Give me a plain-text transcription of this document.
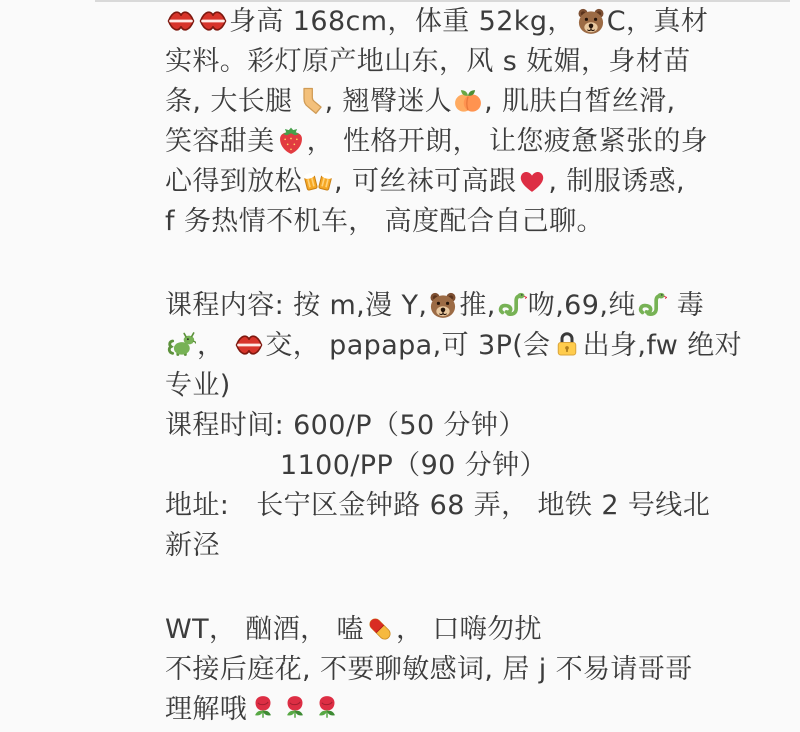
身高 168cm，体重 52kg， C，真材
实料。彩灯原产地山东，风 s 妩媚，身材苗
条, 大长腿 , 翘臀迷人 , 肌肤白皙丝滑,
笑容甜美 ， 性格开朗， 让您疲惫紧张的身
心得到放松 , 可丝袜可高跟 , 制服诱惑,
f 务热情不机车， 高度配合自己聊。
课程内容: 按 m,漫 Y, 推, 吻,69,纯
毒
，
交， papapa,可 3P(会 出身,fw 绝对
专业)
课程时间: 600/P（50 分钟）
1100/PP（90 分钟）
地址:   长宁区金钟路 68 弄， 地铁 2 号线北
新泾
WT， 酗酒， 嗑 ， 口嗨勿扰
不接后庭花, 不要聊敏感词, 居 j 不易请哥哥
理解哦
